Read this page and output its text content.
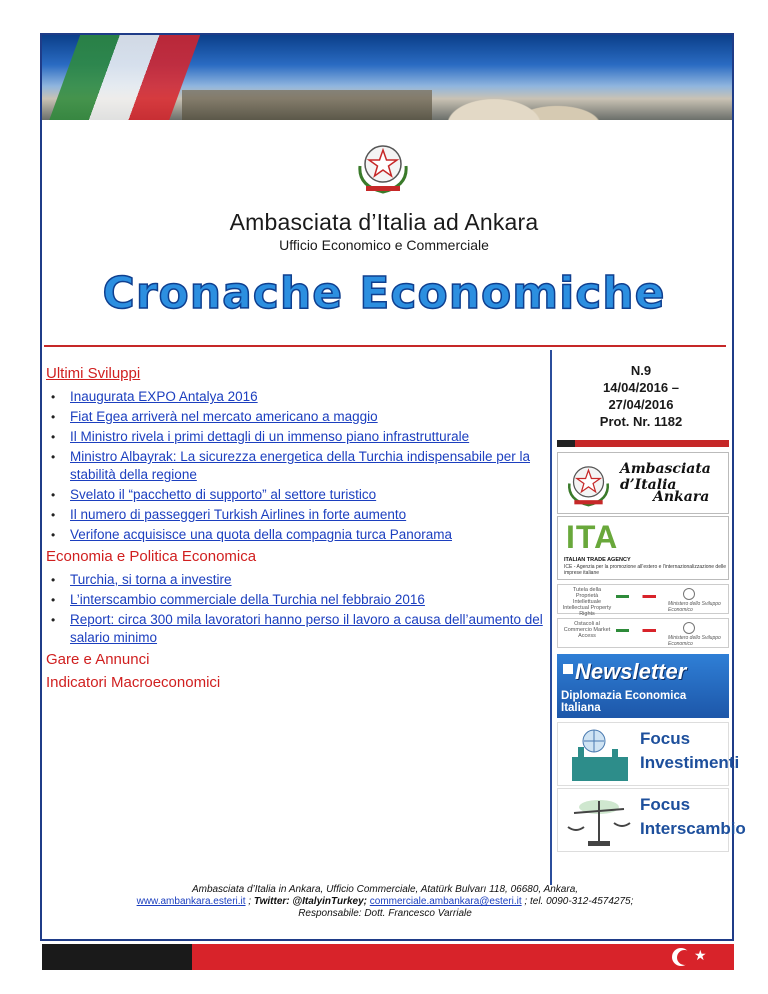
Ambasciata d’Italia ad Ankara
Ufficio Economico e Commerciale
Cronache Economiche
Ultimi Sviluppi
• Inaugurata EXPO Antalya 2016
• Fiat Egea arriverà nel mercato americano a maggio
• Il Ministro rivela i primi dettagli di un immenso piano infrastrutturale
• Ministro Albayrak: La sicurezza energetica della Turchia indispensabile per la stabilità della regione
• Svelato il “pacchetto di supporto” al settore turistico
• Il numero di passeggeri Turkish Airlines in forte aumento
• Verifone acquisisce una quota della compagnia turca Panorama
Economia e Politica Economica
• Turchia, si torna a investire
• L’interscambio commerciale della Turchia nel febbraio 2016
• Report: circa 300 mila lavoratori hanno perso il lavoro a causa dell’aumento del salario minimo
Gare e Annunci
Indicatori Macroeconomici
N.9
14/04/2016 –
27/04/2016
Prot. Nr. 1182
Ambasciata d’Italia
Ankara
ITA
ITALIAN TRADE AGENCY
ICE - Agenzia per la promozione all'estero e l'internazionalizzazione delle imprese italiane
Tutela della Proprietà Intellettuale Intellectual Property Rights
Ministero dello Sviluppo Economico
Ostacoli al Commercio Market Access	Ministero dello Sviluppo Economico
Newsletter
Diplomazia Economica Italiana
Focus
Investimenti
Focus
Interscambio
Ambasciata d’Italia in Ankara, Ufficio Commerciale, Atatürk Bulvarı 118, 06680, Ankara,
www.ambankara.esteri.it ; Twitter: @ItalyinTurkey; commerciale.ambankara@esteri.it ; tel. 0090-312-4574275;
Responsabile: Dott. Francesco Varriale
★
